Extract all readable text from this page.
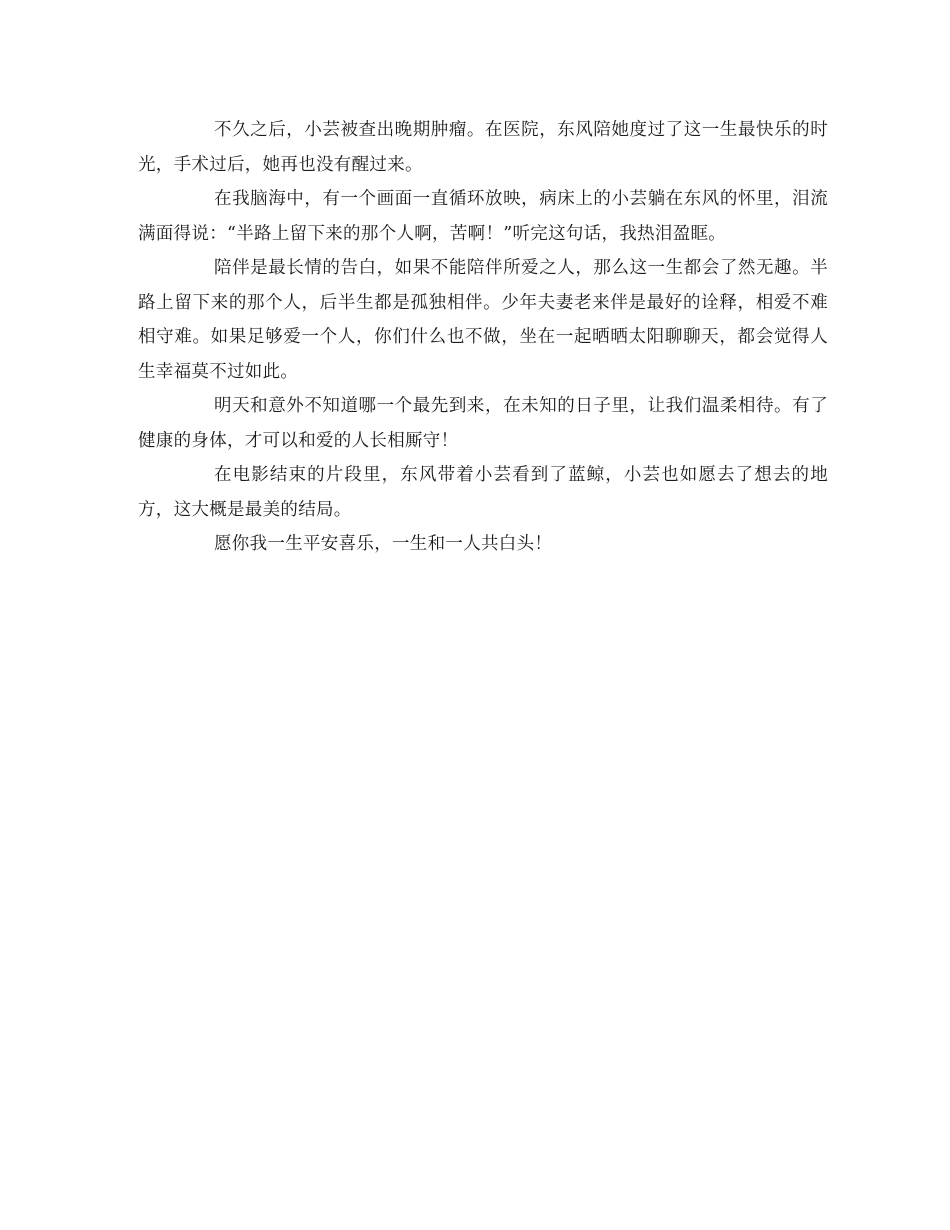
不久之后，小芸被查出晚期肿瘤。在医院，东风陪她度过了这一生最快乐的时光，手术过后，她再也没有醒过来。

在我脑海中，有一个画面一直循环放映，病床上的小芸躺在东风的怀里，泪流满面得说：“半路上留下来的那个人啊，苦啊！”听完这句话，我热泪盈眶。

陪伴是最长情的告白，如果不能陪伴所爱之人，那么这一生都会了然无趣。半路上留下来的那个人，后半生都是孤独相伴。少年夫妻老来伴是最好的诠释，相爱不难相守难。如果足够爱一个人，你们什么也不做，坐在一起晒晒太阳聊聊天，都会觉得人生幸福莫不过如此。

明天和意外不知道哪一个最先到来，在未知的日子里，让我们温柔相待。有了健康的身体，才可以和爱的人长相厮守！

在电影结束的片段里，东风带着小芸看到了蓝鲸，小芸也如愿去了想去的地方，这大概是最美的结局。

愿你我一生平安喜乐，一生和一人共白头！
